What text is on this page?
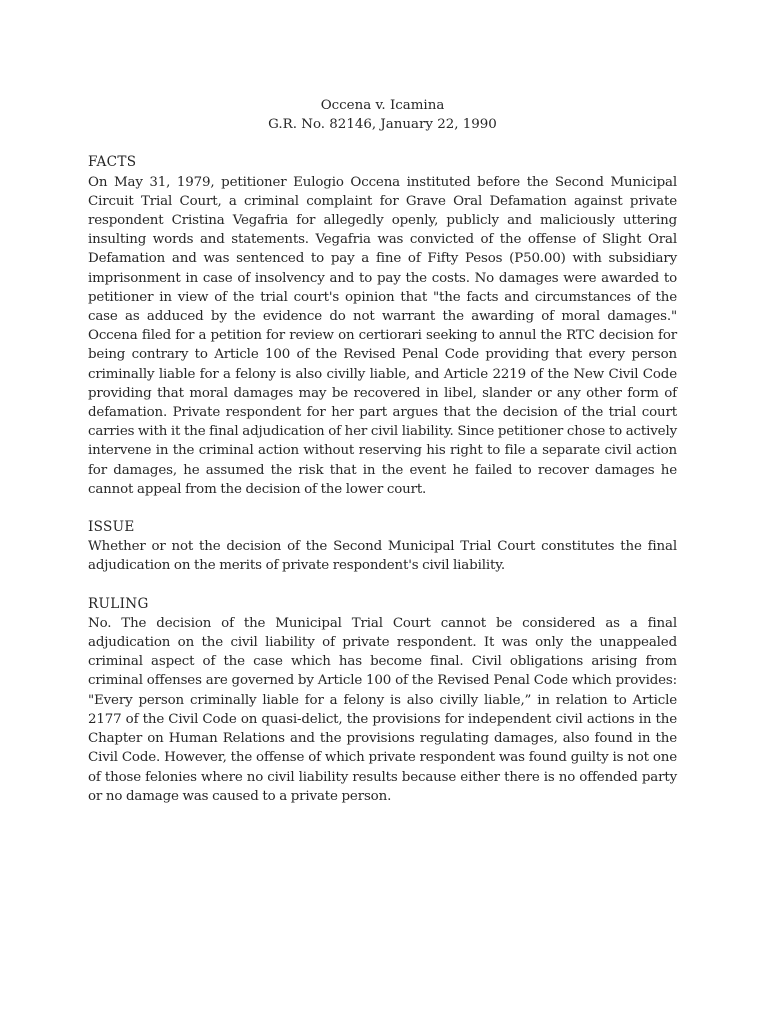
Occena v. Icamina

G.R. No. 82146, January 22, 1990

FACTS

On May 31, 1979, petitioner Eulogio Occena instituted before the Second Municipal Circuit Trial Court, a criminal complaint for Grave Oral Defamation against private respondent Cristina Vegafria for allegedly openly, publicly and maliciously uttering insulting words and statements. Vegafria was convicted of the offense of Slight Oral Defamation and was sentenced to pay a fine of Fifty Pesos (P50.00) with subsidiary imprisonment in case of insolvency and to pay the costs. No damages were awarded to petitioner in view of the trial court's opinion that "the facts and circumstances of the case as adduced by the evidence do not warrant the awarding of moral damages." Occena filed for a petition for review on certiorari seeking to annul the RTC decision for being contrary to Article 100 of the Revised Penal Code providing that every person criminally liable for a felony is also civilly liable, and Article 2219 of the New Civil Code providing that moral damages may be recovered in libel, slander or any other form of defamation. Private respondent for her part argues that the decision of the trial court carries with it the final adjudication of her civil liability. Since petitioner chose to actively intervene in the criminal action without reserving his right to file a separate civil action for damages, he assumed the risk that in the event he failed to recover damages he cannot appeal from the decision of the lower court.

ISSUE

Whether or not the decision of the Second Municipal Trial Court constitutes the final adjudication on the merits of private respondent's civil liability.

RULING

No. The decision of the Municipal Trial Court cannot be considered as a final adjudication on the civil liability of private respondent. It was only the unappealed criminal aspect of the case which has become final. Civil obligations arising from criminal offenses are governed by Article 100 of the Revised Penal Code which provides: "Every person criminally liable for a felony is also civilly liable,” in relation to Article 2177 of the Civil Code on quasi-delict, the provisions for independent civil actions in the Chapter on Human Relations and the provisions regulating damages, also found in the Civil Code. However, the offense of which private respondent was found guilty is not one of those felonies where no civil liability results because either there is no offended party or no damage was caused to a private person.
